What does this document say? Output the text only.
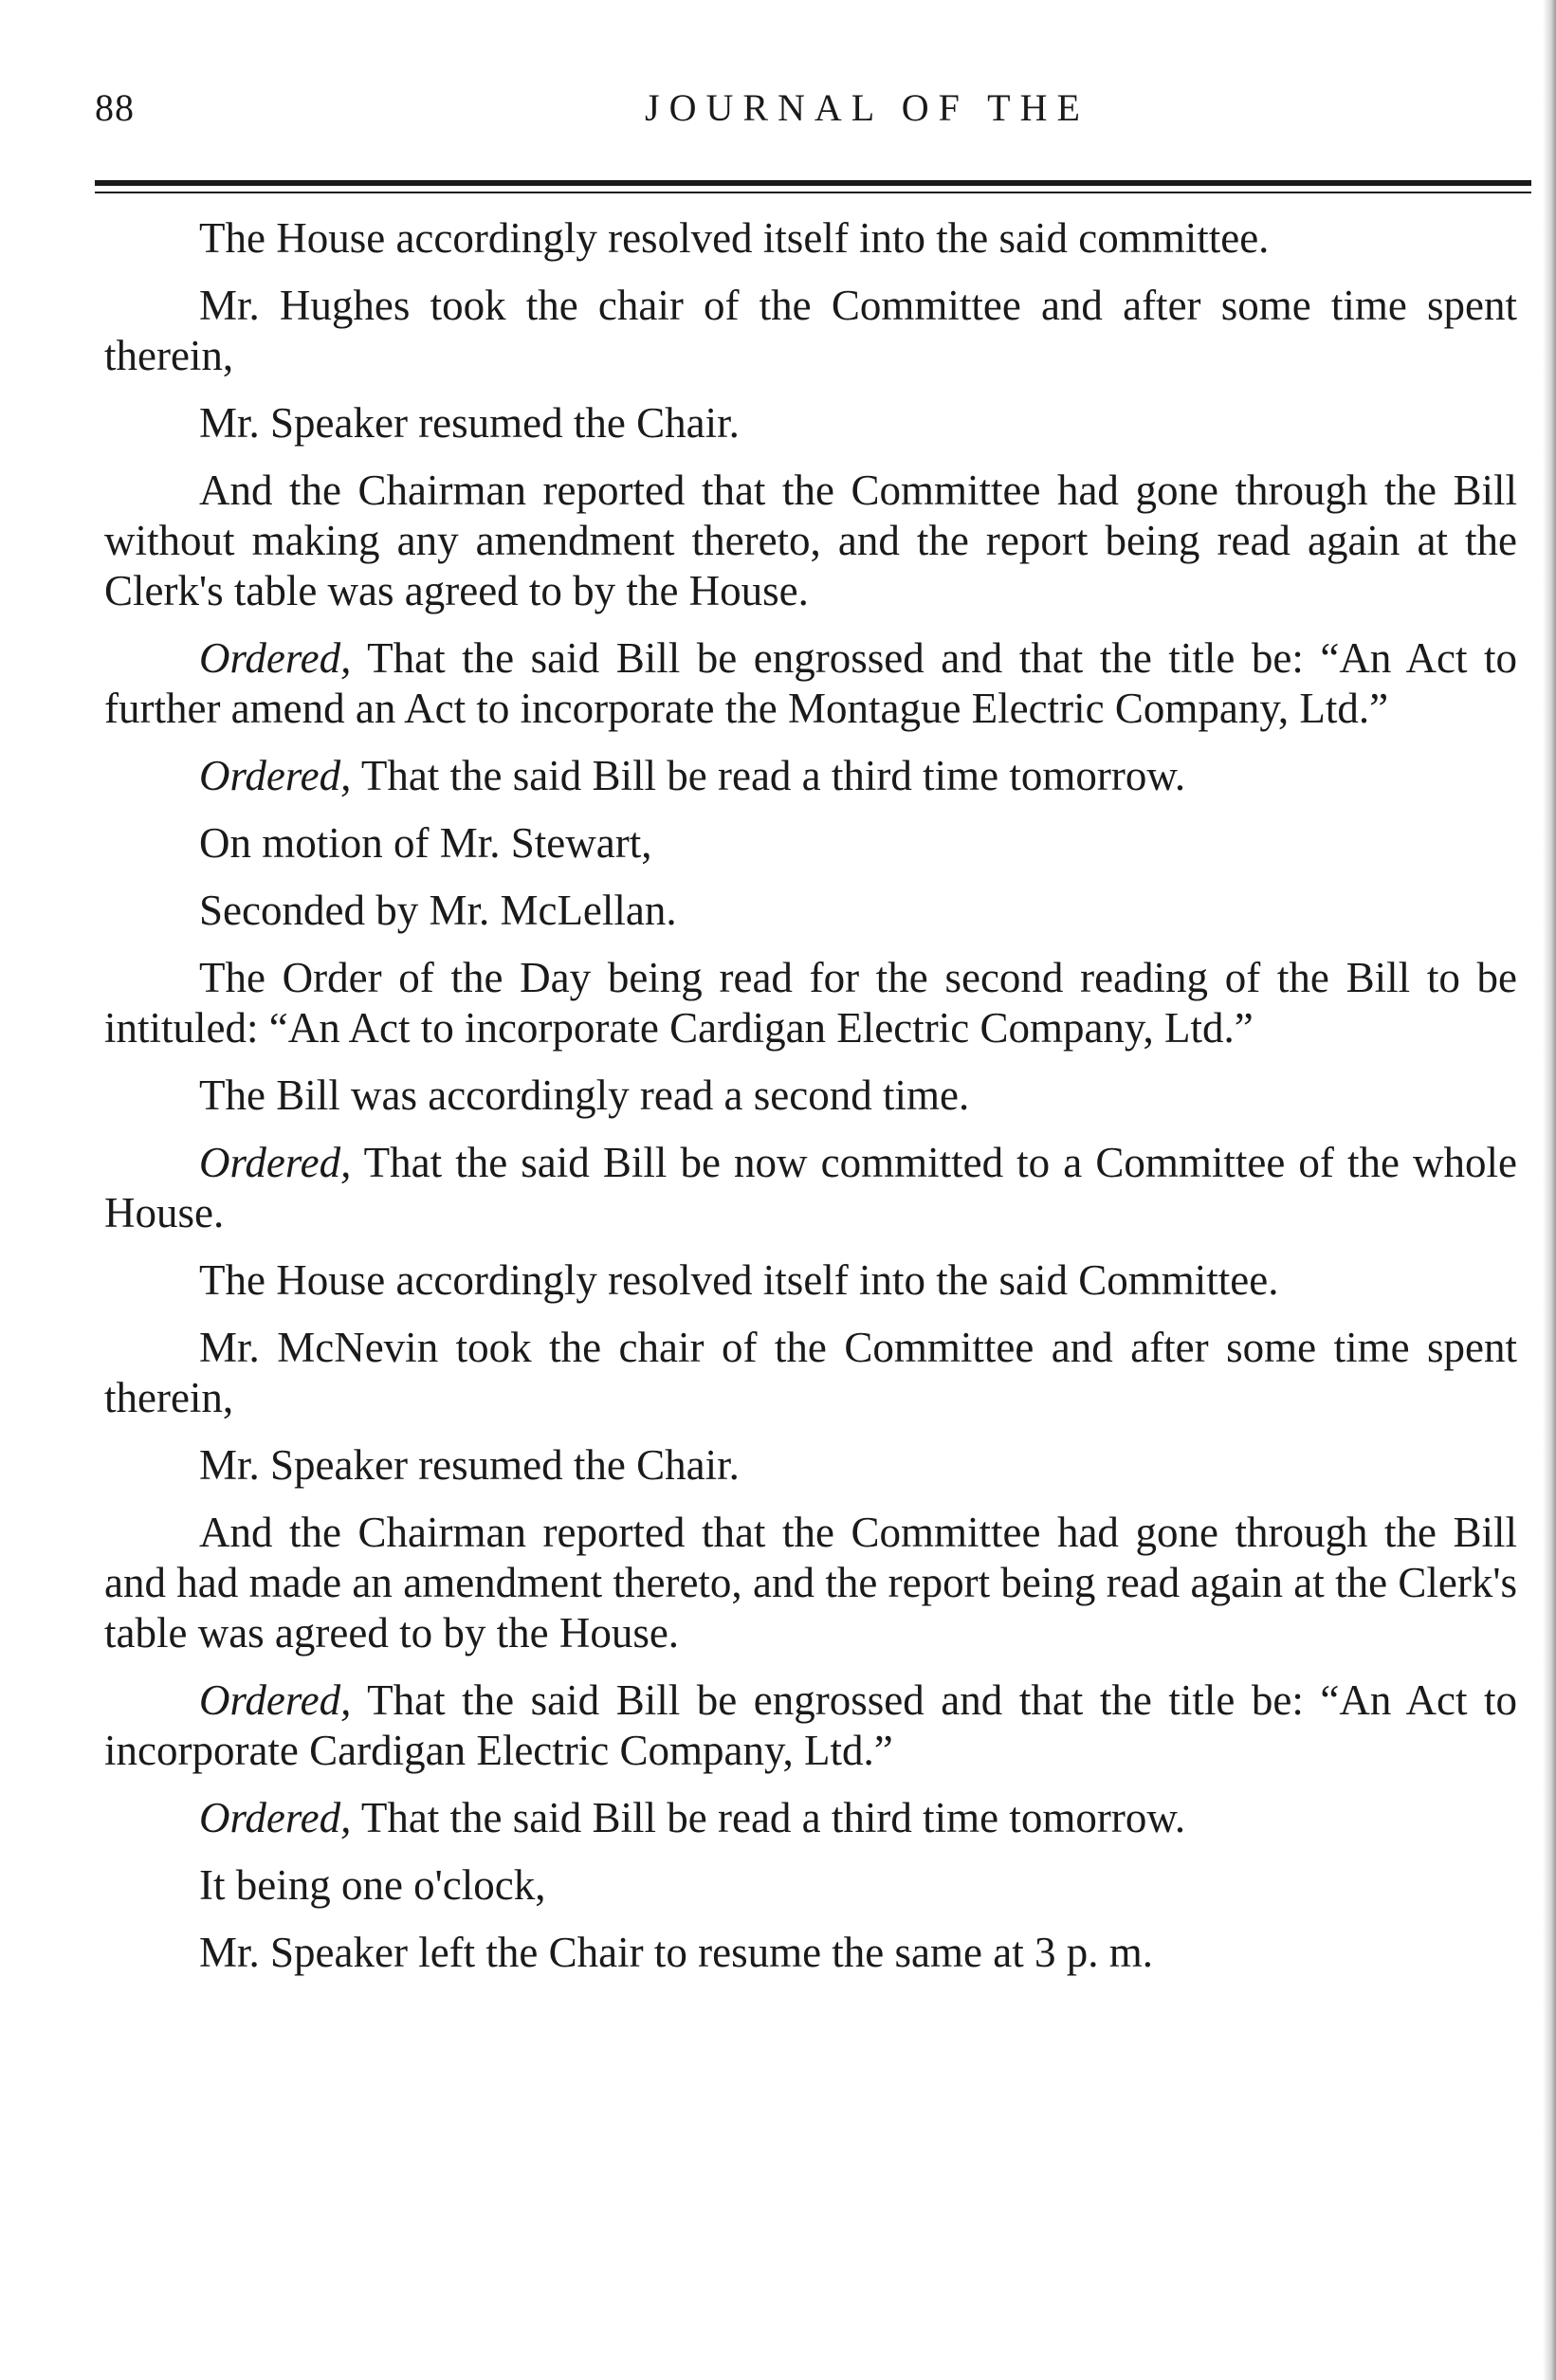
88	JOURNAL OF THE

The House accordingly resolved itself into the said committee.

Mr. Hughes took the chair of the Committee and after some time spent therein,

Mr. Speaker resumed the Chair.

And the Chairman reported that the Committee had gone through the Bill without making any amendment thereto, and the report being read again at the Clerk's table was agreed to by the House.

Ordered, That the said Bill be engrossed and that the title be: “An Act to further amend an Act to incorporate the Montague Electric Company, Ltd.”

Ordered, That the said Bill be read a third time tomorrow.

On motion of Mr. Stewart,

Seconded by Mr. McLellan.

The Order of the Day being read for the second reading of the Bill to be intituled: “An Act to incorporate Cardigan Electric Company, Ltd.”

The Bill was accordingly read a second time.

Ordered, That the said Bill be now committed to a Committee of the whole House.

The House accordingly resolved itself into the said Committee.

Mr. McNevin took the chair of the Committee and after some time spent therein,

Mr. Speaker resumed the Chair.

And the Chairman reported that the Committee had gone through the Bill and had made an amendment thereto, and the report being read again at the Clerk's table was agreed to by the House.

Ordered, That the said Bill be engrossed and that the title be: “An Act to incorporate Cardigan Electric Company, Ltd.”

Ordered, That the said Bill be read a third time tomorrow.

It being one o'clock,

Mr. Speaker left the Chair to resume the same at 3 p. m.
